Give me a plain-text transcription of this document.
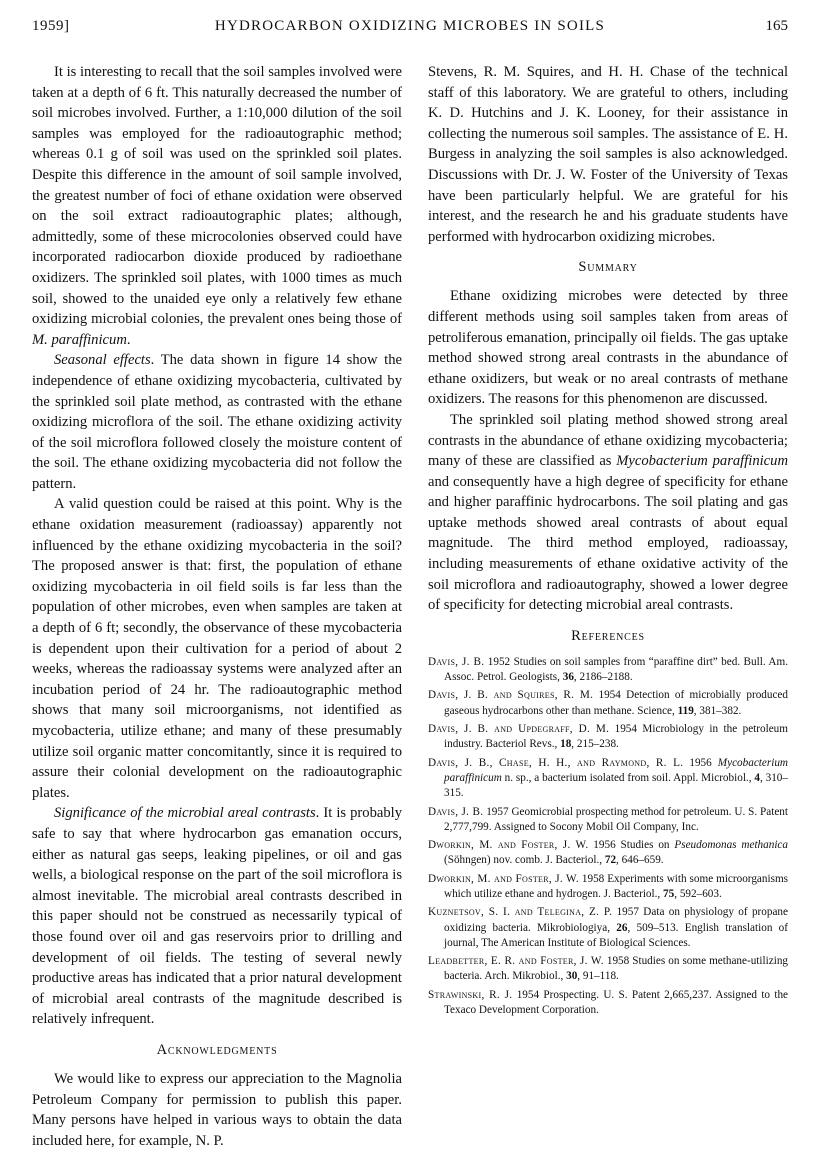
1959]	HYDROCARBON OXIDIZING MICROBES IN SOILS	165

It is interesting to recall that the soil samples involved were taken at a depth of 6 ft. This naturally decreased the number of soil microbes involved. Further, a 1:10,000 dilution of the soil samples was employed for the radioautographic method; whereas 0.1 g of soil was used on the sprinkled soil plates. Despite this difference in the amount of soil sample involved, the greatest number of foci of ethane oxidation were observed on the soil extract radioautographic plates; although, admittedly, some of these microcolonies observed could have incorporated radiocarbon dioxide produced by radioethane oxidizers. The sprinkled soil plates, with 1000 times as much soil, showed to the unaided eye only a relatively few ethane oxidizing microbial colonies, the prevalent ones being those of M. paraffinicum.

Seasonal effects. The data shown in figure 14 show the independence of ethane oxidizing mycobacteria, cultivated by the sprinkled soil plate method, as contrasted with the ethane oxidizing microflora of the soil. The ethane oxidizing activity of the soil microflora followed closely the moisture content of the soil. The ethane oxidizing mycobacteria did not follow the pattern.

A valid question could be raised at this point. Why is the ethane oxidation measurement (radioassay) apparently not influenced by the ethane oxidizing mycobacteria in the soil? The proposed answer is that: first, the population of ethane oxidizing mycobacteria in oil field soils is far less than the population of other microbes, even when samples are taken at a depth of 6 ft; secondly, the observance of these mycobacteria is dependent upon their cultivation for a period of about 2 weeks, whereas the radioassay systems were analyzed after an incubation period of 24 hr. The radioautographic method shows that many soil microorganisms, not identified as mycobacteria, utilize ethane; and many of these presumably utilize soil organic matter concomitantly, since it is required to assure their colonial development on the radioautographic plates.

Significance of the microbial areal contrasts. It is probably safe to say that where hydrocarbon gas emanation occurs, either as natural gas seeps, leaking pipelines, or oil and gas wells, a biological response on the part of the soil microflora is almost inevitable. The microbial areal contrasts described in this paper should not be construed as necessarily typical of those found over oil and gas reservoirs prior to drilling and development of oil fields. The testing of several newly productive areas has indicated that a prior natural development of microbial areal contrasts of the magnitude described is relatively infrequent.

Acknowledgments

We would like to express our appreciation to the Magnolia Petroleum Company for permission to publish this paper. Many persons have helped in various ways to obtain the data included here, for example, N. P.

Stevens, R. M. Squires, and H. H. Chase of the technical staff of this laboratory. We are grateful to others, including K. D. Hutchins and J. K. Looney, for their assistance in collecting the numerous soil samples. The assistance of E. H. Burgess in analyzing the soil samples is also acknowledged. Discussions with Dr. J. W. Foster of the University of Texas have been particularly helpful. We are grateful for his interest, and the research he and his graduate students have performed with hydrocarbon oxidizing microbes.

Summary

Ethane oxidizing microbes were detected by three different methods using soil samples taken from areas of petroliferous emanation, principally oil fields. The gas uptake method showed strong areal contrasts in the abundance of ethane oxidizers, but weak or no areal contrasts of methane oxidizers. The reasons for this phenomenon are discussed.

The sprinkled soil plating method showed strong areal contrasts in the abundance of ethane oxidizing mycobacteria; many of these are classified as Mycobacterium paraffinicum and consequently have a high degree of specificity for ethane and higher paraffinic hydrocarbons. The soil plating and gas uptake methods showed areal contrasts of about equal magnitude. The third method employed, radioassay, including measurements of ethane oxidative activity of the soil microflora and radioautography, showed a lower degree of specificity for detecting microbial areal contrasts.

References
Davis, J. B. 1952 Studies on soil samples from “paraffine dirt” bed. Bull. Am. Assoc. Petrol. Geologists, 36, 2186–2188.
Davis, J. B. and Squires, R. M. 1954 Detection of microbially produced gaseous hydrocarbons other than methane. Science, 119, 381–382.
Davis, J. B. and Updegraff, D. M. 1954 Microbiology in the petroleum industry. Bacteriol Revs., 18, 215–238.
Davis, J. B., Chase, H. H., and Raymond, R. L. 1956 Mycobacterium paraffinicum n. sp., a bacterium isolated from soil. Appl. Microbiol., 4, 310–315.
Davis, J. B. 1957 Geomicrobial prospecting method for petroleum. U. S. Patent 2,777,799. Assigned to Socony Mobil Oil Company, Inc.
Dworkin, M. and Foster, J. W. 1956 Studies on Pseudomonas methanica (Söhngen) nov. comb. J. Bacteriol., 72, 646–659.
Dworkin, M. and Foster, J. W. 1958 Experiments with some microorganisms which utilize ethane and hydrogen. J. Bacteriol., 75, 592–603.
Kuznetsov, S. I. and Telegina, Z. P. 1957 Data on physiology of propane oxidizing bacteria. Mikrobiologiya, 26, 509–513. English translation of journal, The American Institute of Biological Sciences.
Leadbetter, E. R. and Foster, J. W. 1958 Studies on some methane-utilizing bacteria. Arch. Mikrobiol., 30, 91–118.
Strawinski, R. J. 1954 Prospecting. U. S. Patent 2,665,237. Assigned to the Texaco Development Corporation.
